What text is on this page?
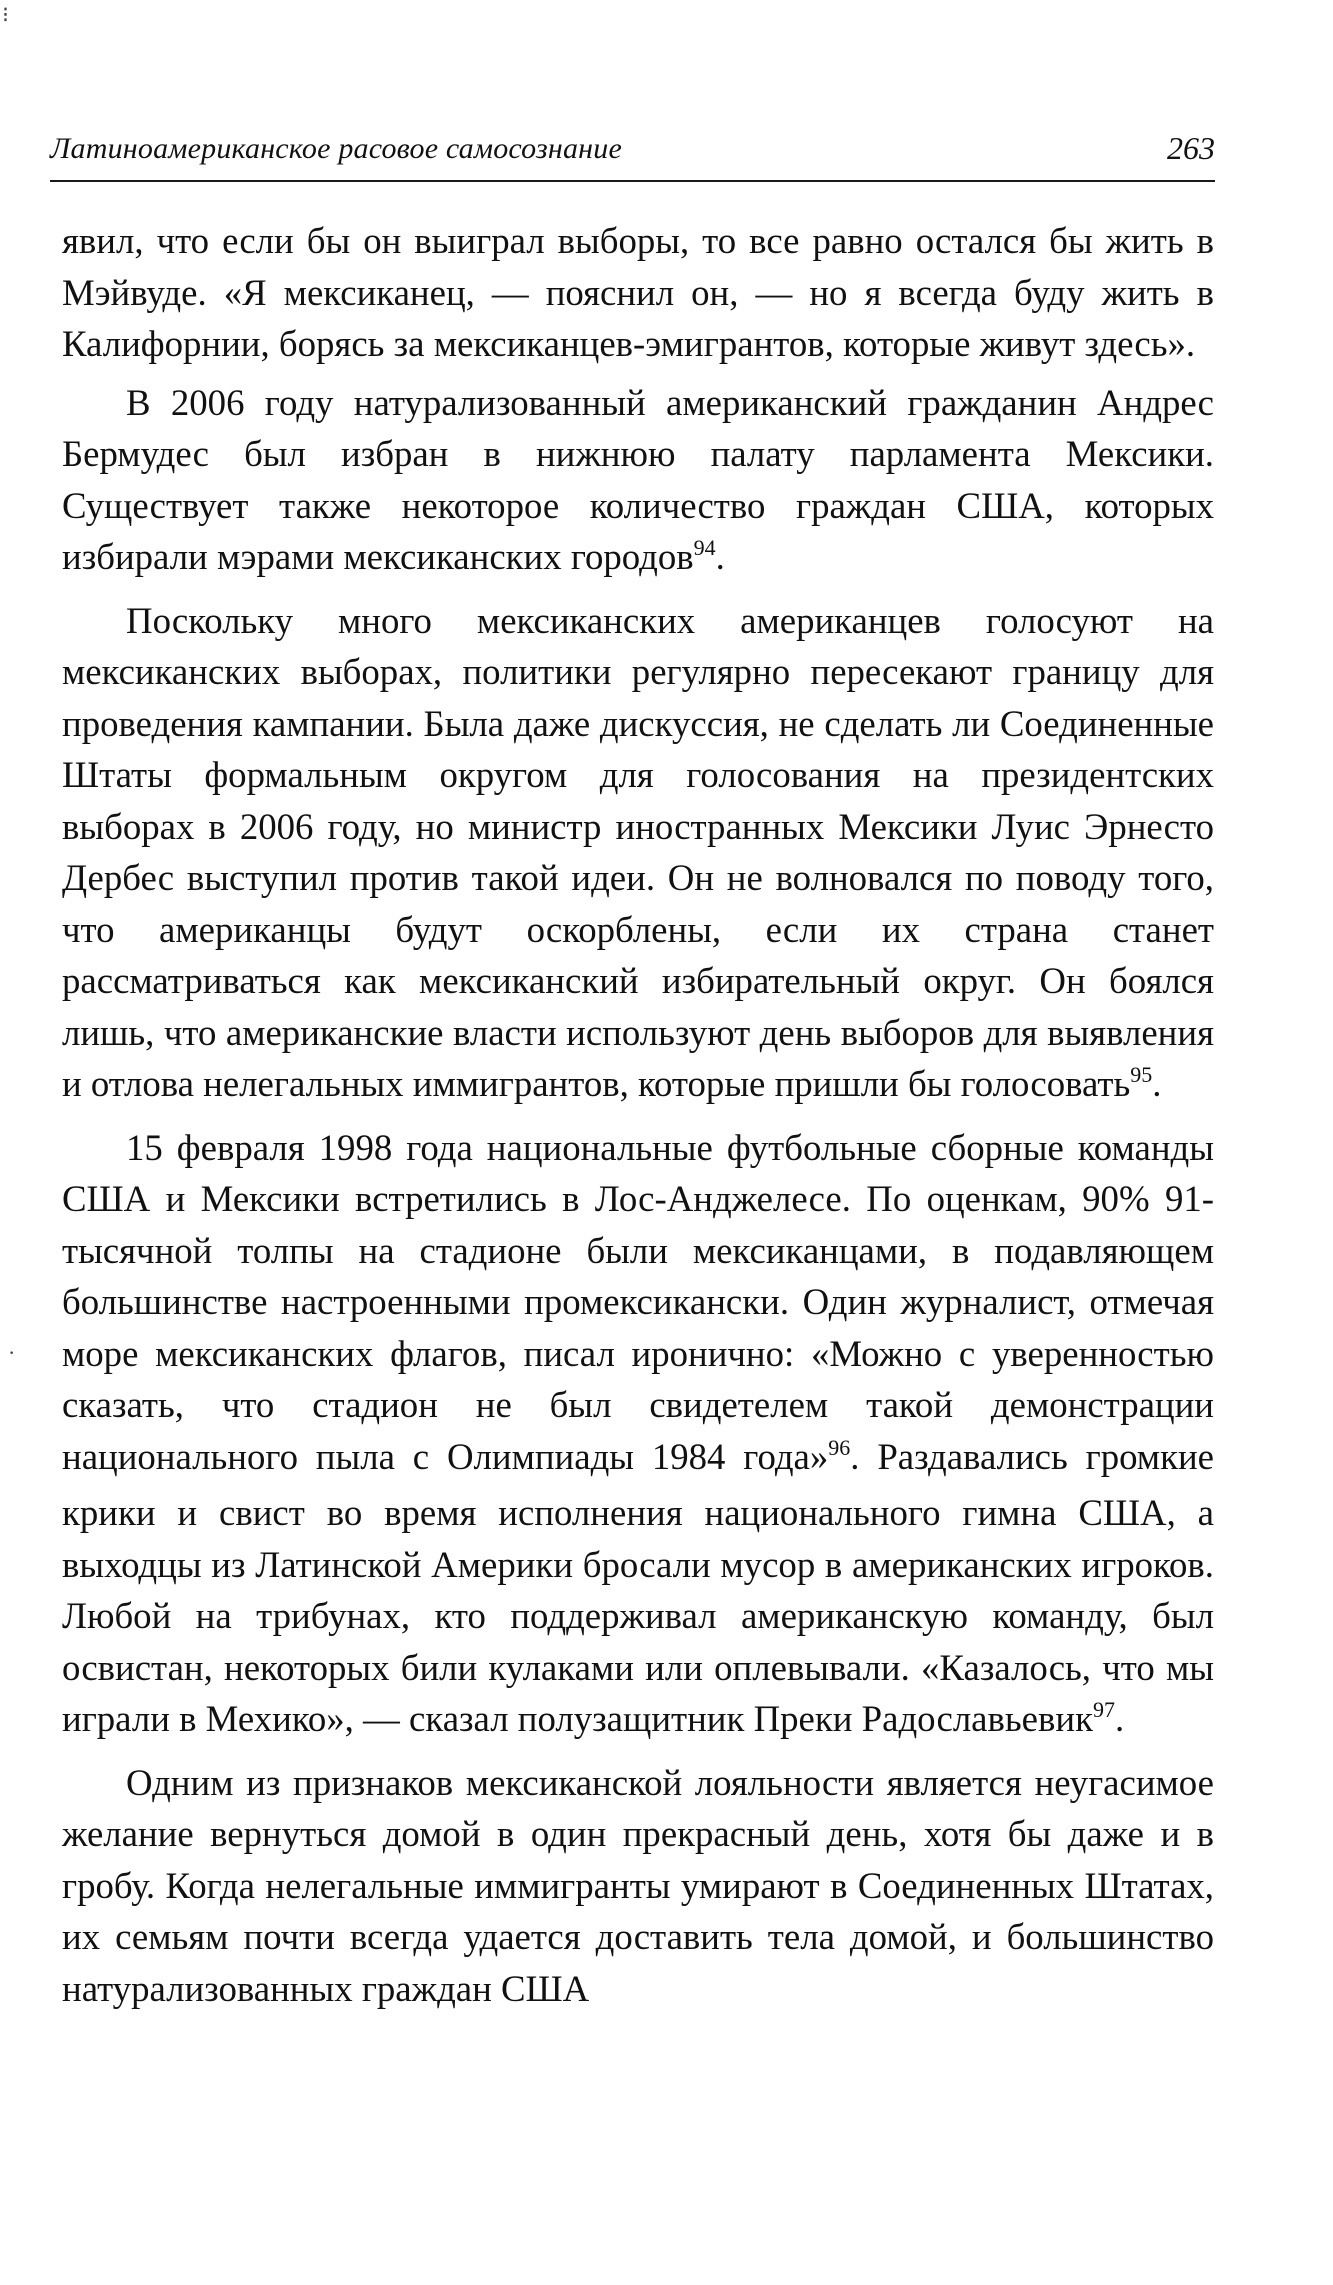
⁝
Латиноамериканское расовое самосознание	263

явил, что если бы он выиграл выборы, то все равно остался бы жить в Мэйвуде. «Я мексиканец, — пояснил он, — но я всегда буду жить в Калифорнии, борясь за мексиканцев-эмигрантов, которые живут здесь».

В 2006 году натурализованный американский гражданин Андрес Бермудес был избран в нижнюю палату парламента Мексики. Существует также некоторое количество граждан США, которых избирали мэрами мексиканских городов$^{94}$.

Поскольку много мексиканских американцев голосуют на мексиканских выборах, политики регулярно пересекают границу для проведения кампании. Была даже дискуссия, не сделать ли Соединенные Штаты формальным округом для голосования на президентских выборах в 2006 году, но министр иностранных Мексики Луис Эрнесто Дербес выступил против такой идеи. Он не волновался по поводу того, что американцы будут оскорблены, если их страна станет рассматриваться как мексиканский избирательный округ. Он боялся лишь, что американские власти используют день выборов для выявления и отлова нелегальных иммигрантов, которые пришли бы голосовать$^{95}$.

15 февраля 1998 года национальные футбольные сборные команды США и Мексики встретились в Лос-Анджелесе. По оценкам, 90% 91-тысячной толпы на стадионе были мексиканцами, в подавляющем большинстве настроенными промексикански. Один журналист, отмечая море мексиканских флагов, писал иронично: «Можно с уверенностью сказать, что стадион не был свидетелем такой демонстрации национального пыла с Олимпиады 1984 года»$^{96}$. Раздавались громкие крики и свист во время исполнения национального гимна США, а выходцы из Латинской Америки бросали мусор в американских игроков. Любой на трибунах, кто поддерживал американскую команду, был освистан, некоторых били кулаками или оплевывали. «Казалось, что мы играли в Мехико», — сказал полузащитник Преки Радославьевик$^{97}$.

Одним из признаков мексиканской лояльности является неугасимое желание вернуться домой в один прекрасный день, хотя бы даже и в гробу. Когда нелегальные иммигранты умирают в Соединенных Штатах, их семьям почти всегда удается доставить тела домой, и большинство натурализованных граждан США

·
